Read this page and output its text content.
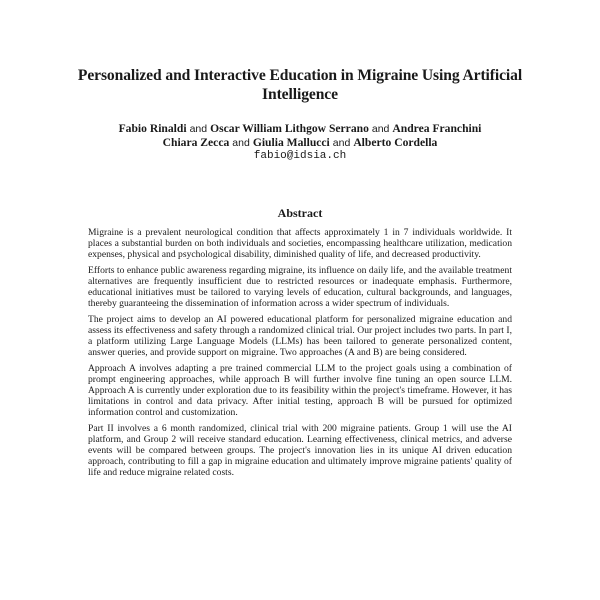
Personalized and Interactive Education in Migraine Using Artificial Intelligence
Fabio Rinaldi and Oscar William Lithgow Serrano and Andrea Franchini
Chiara Zecca and Giulia Mallucci and Alberto Cordella
fabio@idsia.ch
Abstract

Migraine is a prevalent neurological condition that affects approximately 1 in 7 individuals worldwide. It places a substantial burden on both individuals and societies, encompassing healthcare utilization, medication expenses, physical and psychological disability, diminished quality of life, and decreased productivity.

Efforts to enhance public awareness regarding migraine, its influence on daily life, and the available treatment alternatives are frequently insufficient due to restricted resources or inadequate emphasis. Furthermore, educational initiatives must be tailored to varying levels of education, cultural backgrounds, and languages, thereby guaranteeing the dissemination of information across a wider spectrum of individuals.

The project aims to develop an AI powered educational platform for personalized migraine education and assess its effectiveness and safety through a randomized clinical trial. Our project includes two parts. In part I, a platform utilizing Large Language Models (LLMs) has been tailored to generate personalized content, answer queries, and provide support on migraine. Two approaches (A and B) are being considered.

Approach A involves adapting a pre trained commercial LLM to the project goals using a combination of prompt engineering approaches, while approach B will further involve fine tuning an open source LLM. Approach A is currently under exploration due to its feasibility within the project's timeframe. However, it has limitations in control and data privacy. After initial testing, approach B will be pursued for optimized information control and customization.

Part II involves a 6 month randomized, clinical trial with 200 migraine patients. Group 1 will use the AI platform, and Group 2 will receive standard education. Learning effectiveness, clinical metrics, and adverse events will be compared between groups. The project's innovation lies in its unique AI driven education approach, contributing to fill a gap in migraine education and ultimately improve migraine patients' quality of life and reduce migraine related costs.
